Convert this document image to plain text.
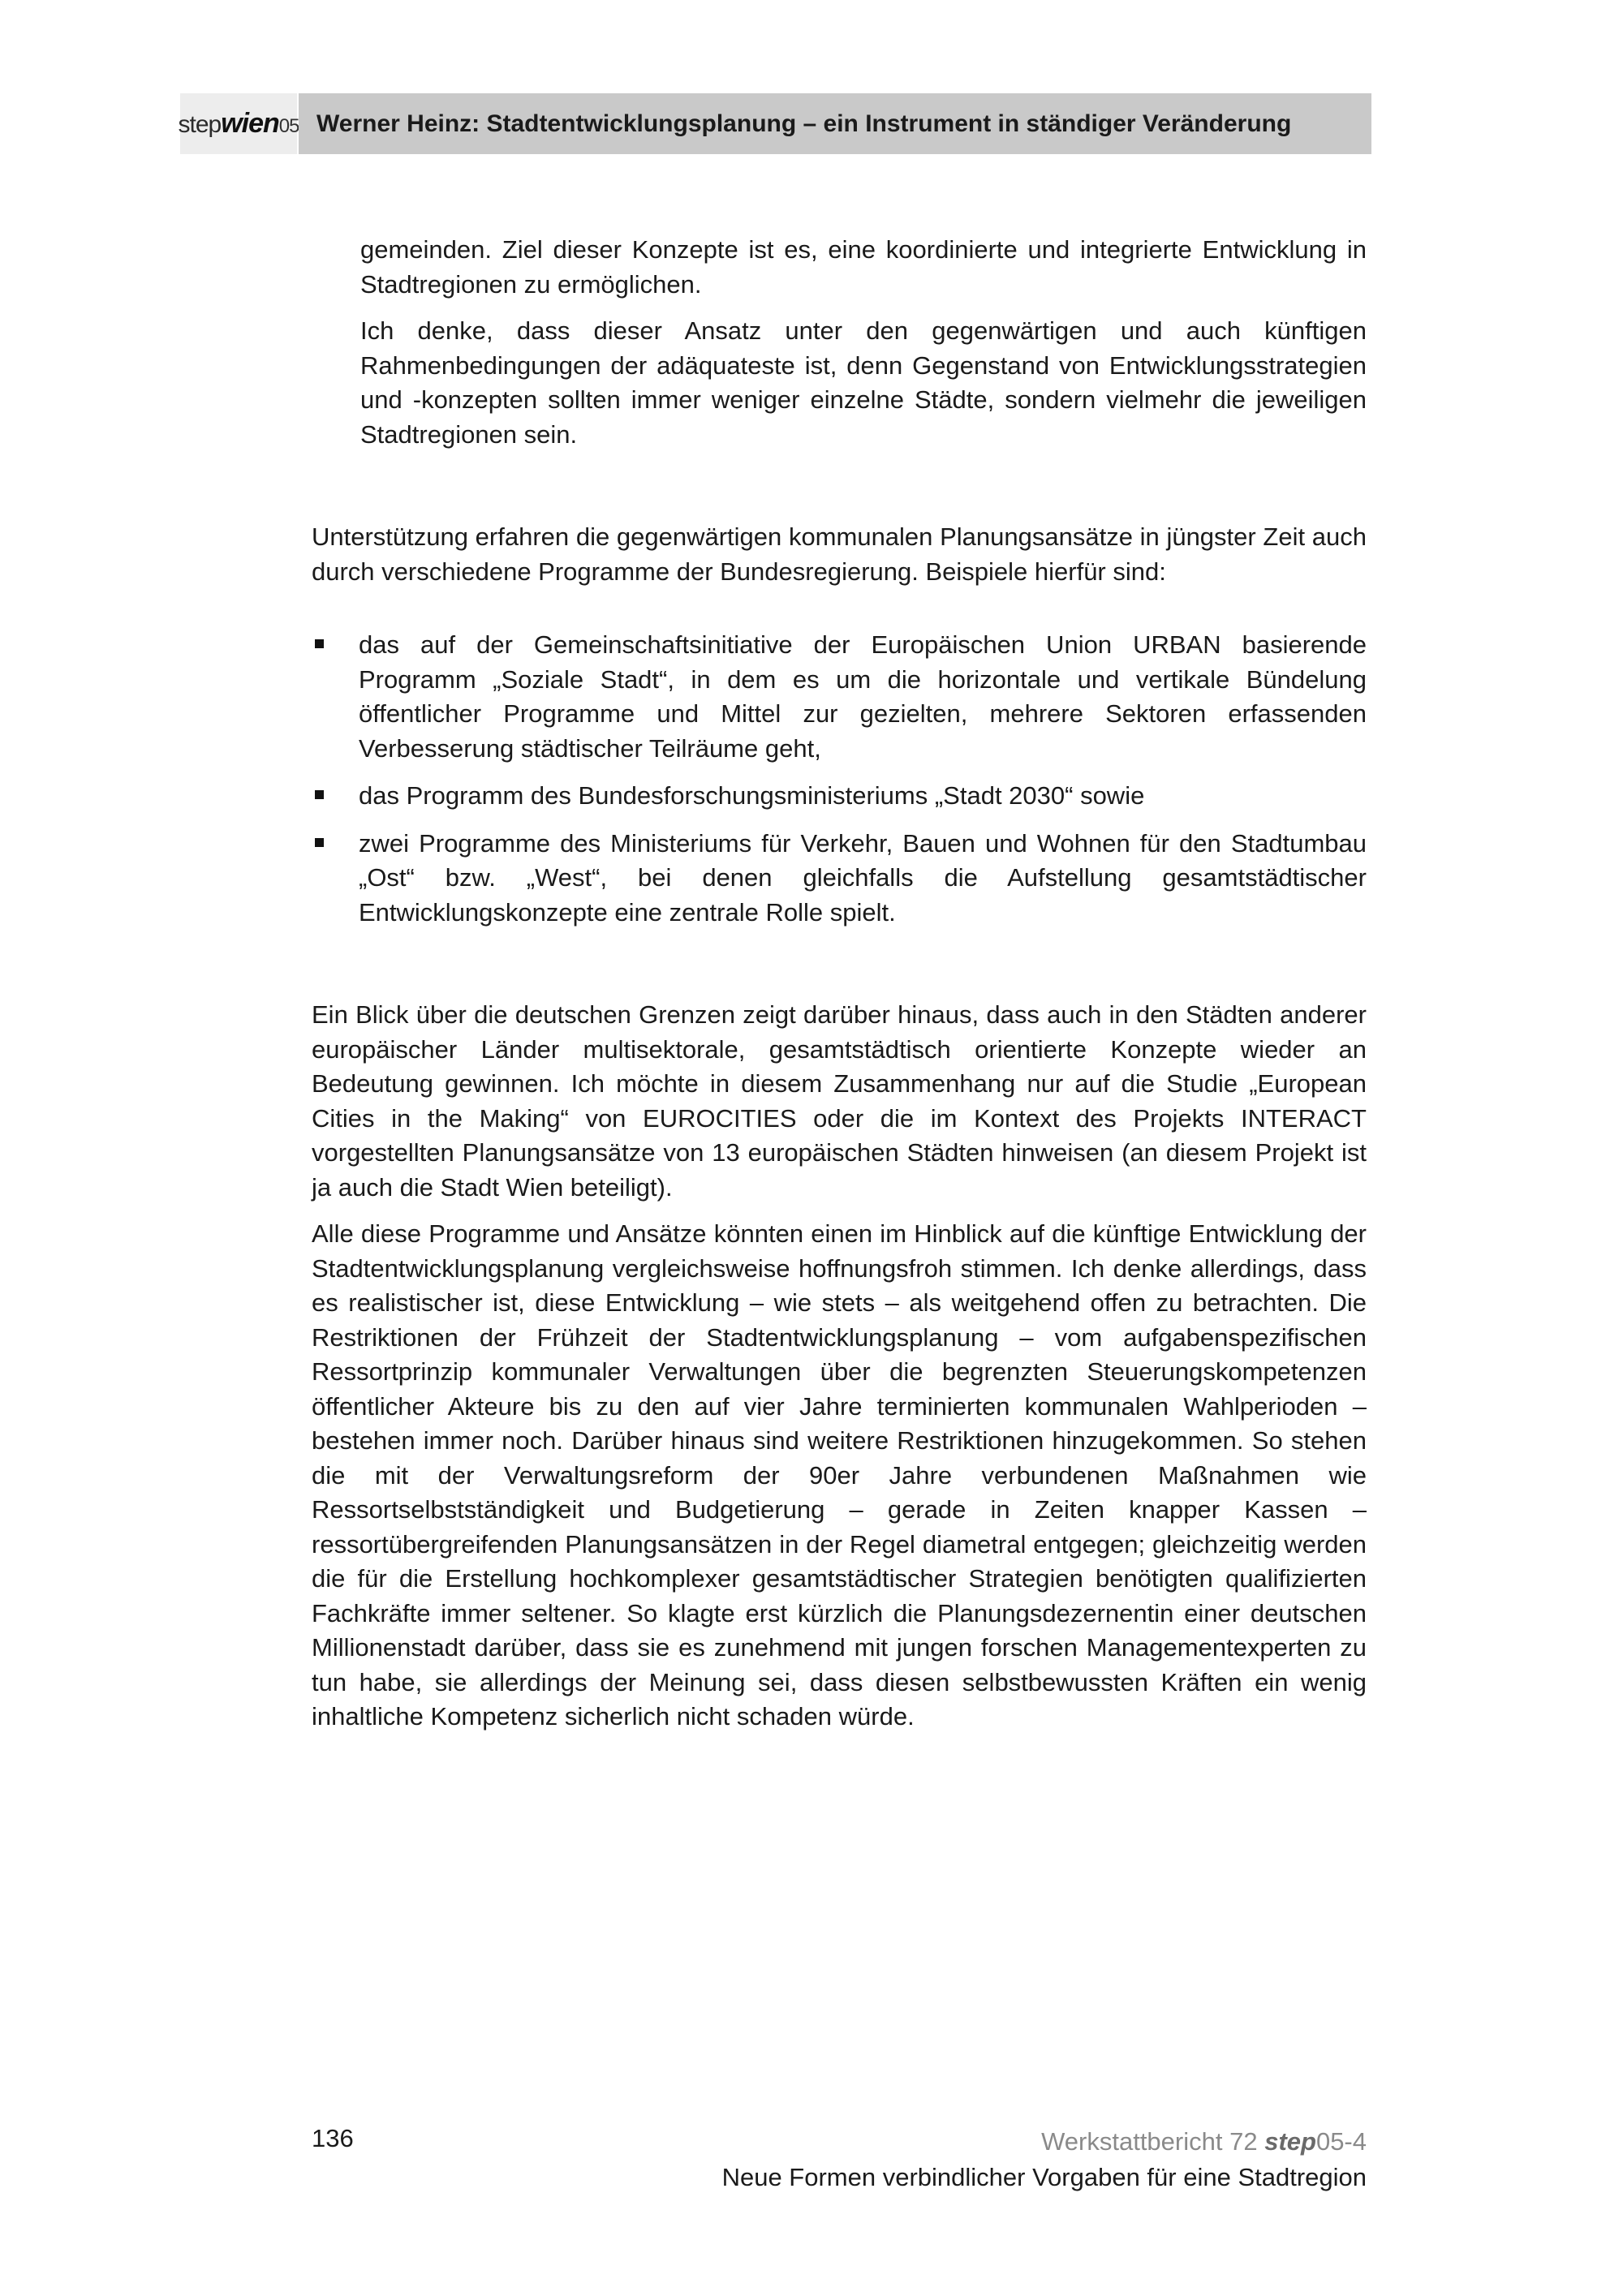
stepwien05 Werner Heinz: Stadtentwicklungsplanung – ein Instrument in ständiger Veränderung

gemeinden. Ziel dieser Konzepte ist es, eine koordinierte und integrierte Entwicklung in Stadtregionen zu ermöglichen.

Ich denke, dass dieser Ansatz unter den gegenwärtigen und auch künftigen Rahmenbedingungen der adäquateste ist, denn Gegenstand von Entwicklungsstrategien und -konzepten sollten immer weniger einzelne Städte, sondern vielmehr die jeweiligen Stadtregionen sein.

Unterstützung erfahren die gegenwärtigen kommunalen Planungsansätze in jüngster Zeit auch durch verschiedene Programme der Bundesregierung. Beispiele hierfür sind:

das auf der Gemeinschaftsinitiative der Europäischen Union URBAN basierende Programm „Soziale Stadt“, in dem es um die horizontale und vertikale Bündelung öffentlicher Programme und Mittel zur gezielten, mehrere Sektoren erfassenden Verbesserung städtischer Teilräume geht,
das Programm des Bundesforschungsministeriums „Stadt 2030“ sowie
zwei Programme des Ministeriums für Verkehr, Bauen und Wohnen für den Stadtumbau „Ost“ bzw. „West“, bei denen gleichfalls die Aufstellung gesamtstädtischer Entwicklungskonzepte eine zentrale Rolle spielt.

Ein Blick über die deutschen Grenzen zeigt darüber hinaus, dass auch in den Städten anderer europäischer Länder multisektorale, gesamtstädtisch orientierte Konzepte wieder an Bedeutung gewinnen. Ich möchte in diesem Zusammenhang nur auf die Studie „European Cities in the Making“ von EUROCITIES oder die im Kontext des Projekts INTERACT vorgestellten Planungsansätze von 13 europäischen Städten hinweisen (an diesem Projekt ist ja auch die Stadt Wien beteiligt).

Alle diese Programme und Ansätze könnten einen im Hinblick auf die künftige Entwicklung der Stadtentwicklungsplanung vergleichsweise hoffnungsfroh stimmen. Ich denke allerdings, dass es realistischer ist, diese Entwicklung – wie stets – als weitgehend offen zu betrachten. Die Restriktionen der Frühzeit der Stadtentwicklungsplanung – vom aufgabenspezifischen Ressortprinzip kommunaler Verwaltungen über die begrenzten Steuerungskompetenzen öffentlicher Akteure bis zu den auf vier Jahre terminierten kommunalen Wahlperioden – bestehen immer noch. Darüber hinaus sind weitere Restriktionen hinzugekommen. So stehen die mit der Verwaltungsreform der 90er Jahre verbundenen Maßnahmen wie Ressortselbstständigkeit und Budgetierung – gerade in Zeiten knapper Kassen – ressortübergreifenden Planungsansätzen in der Regel diametral entgegen; gleichzeitig werden die für die Erstellung hochkomplexer gesamtstädtischer Strategien benötigten qualifizierten Fachkräfte immer seltener. So klagte erst kürzlich die Planungsdezernentin einer deutschen Millionenstadt darüber, dass sie es zunehmend mit jungen forschen Managementexperten zu tun habe, sie allerdings der Meinung sei, dass diesen selbstbewussten Kräften ein wenig inhaltliche Kompetenz sicherlich nicht schaden würde.

136	Werkstattbericht 72 step05-4
Neue Formen verbindlicher Vorgaben für eine Stadtregion
